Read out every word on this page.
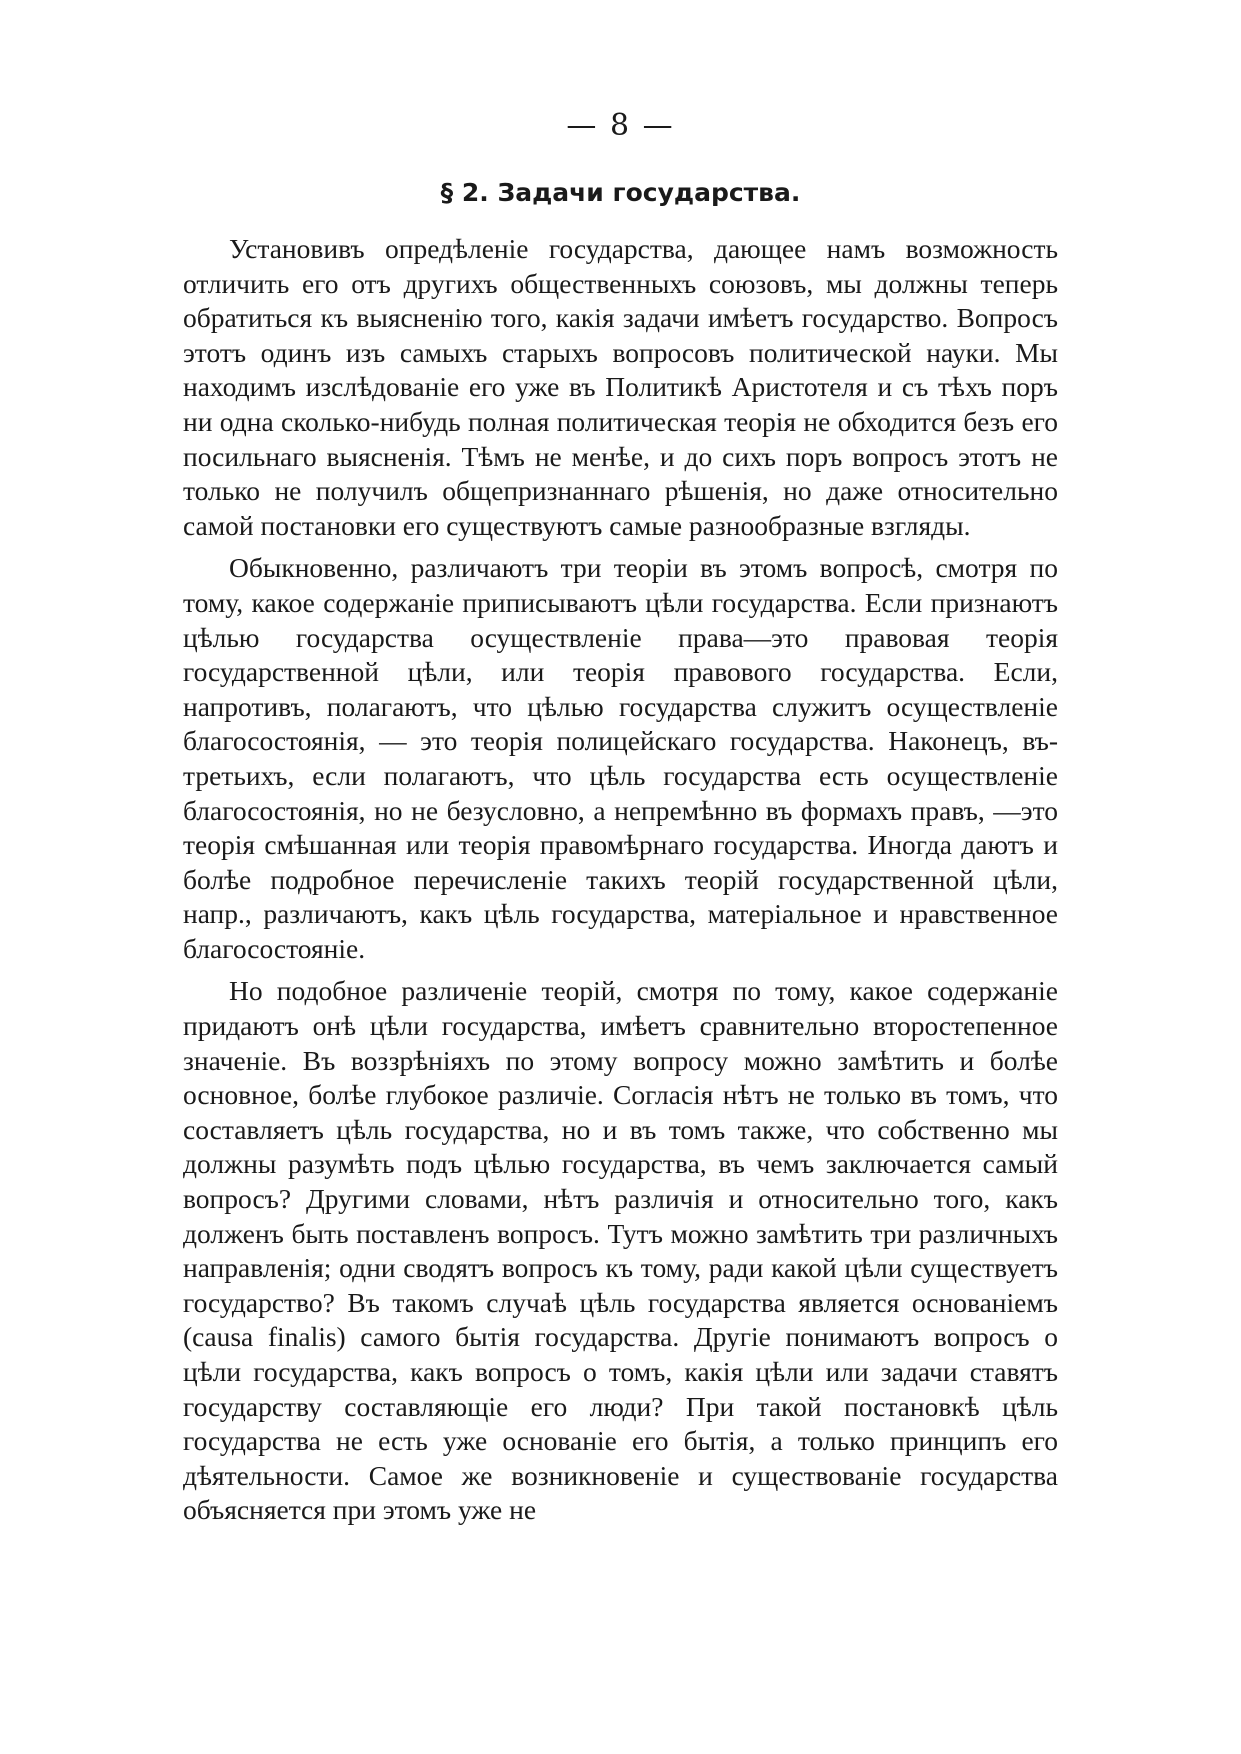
— 8 —
§ 2. Задачи государства.

Установивъ опредѣленіе государства, дающее намъ возможность отличить его отъ другихъ общественныхъ союзовъ, мы должны теперь обратиться къ выясненію того, какія задачи имѣетъ государство. Вопросъ этотъ одинъ изъ самыхъ старыхъ вопросовъ политической науки. Мы находимъ изслѣдованіе его уже въ Политикѣ Аристотеля и съ тѣхъ поръ ни одна сколько-нибудь полная политическая теорія не обходится безъ его посильнаго выясненія. Тѣмъ не менѣе, и до сихъ поръ вопросъ этотъ не только не получилъ общепризнаннаго рѣшенія, но даже относительно самой постановки его существуютъ самые разнообразные взгляды.

Обыкновенно, различаютъ три теоріи въ этомъ вопросѣ, смотря по тому, какое содержаніе приписываютъ цѣли государства. Если признаютъ цѣлью государства осуществленіе права—это правовая теорія государственной цѣли, или теорія правового государства. Если, напротивъ, полагаютъ, что цѣлью государства служитъ осуществленіе благосостоянія, — это теорія полицейскаго государства. Наконецъ, въ-третьихъ, если полагаютъ, что цѣль государства есть осуществленіе благосостоянія, но не безусловно, а непремѣнно въ формахъ правъ, —это теорія смѣшанная или теорія правомѣрнаго государства. Иногда даютъ и болѣе подробное перечисленіе такихъ теорій государственной цѣли, напр., различаютъ, какъ цѣль государства, матеріальное и нравственное благосостояніе.

Но подобное различеніе теорій, смотря по тому, какое содержаніе придаютъ онѣ цѣли государства, имѣетъ сравнительно второстепенное значеніе. Въ воззрѣніяхъ по этому вопросу можно замѣтить и болѣе основное, болѣе глубокое различіе. Согласія нѣтъ не только въ томъ, что составляетъ цѣль государства, но и въ томъ также, что собственно мы должны разумѣть подъ цѣлью государства, въ чемъ заключается самый вопросъ? Другими словами, нѣтъ различія и относительно того, какъ долженъ быть поставленъ вопросъ. Тутъ можно замѣтить три различныхъ направленія; одни сводятъ вопросъ къ тому, ради какой цѣли существуетъ государство? Въ такомъ случаѣ цѣль государства является основаніемъ (causa finalis) самого бытія государства. Другіе понимаютъ вопросъ о цѣли государства, какъ вопросъ о томъ, какія цѣли или задачи ставятъ государству составляющіе его люди? При такой постановкѣ цѣль государства не есть уже основаніе его бытія, а только принципъ его дѣятельности. Самое же возникновеніе и существованіе государства объясняется при этомъ уже не
